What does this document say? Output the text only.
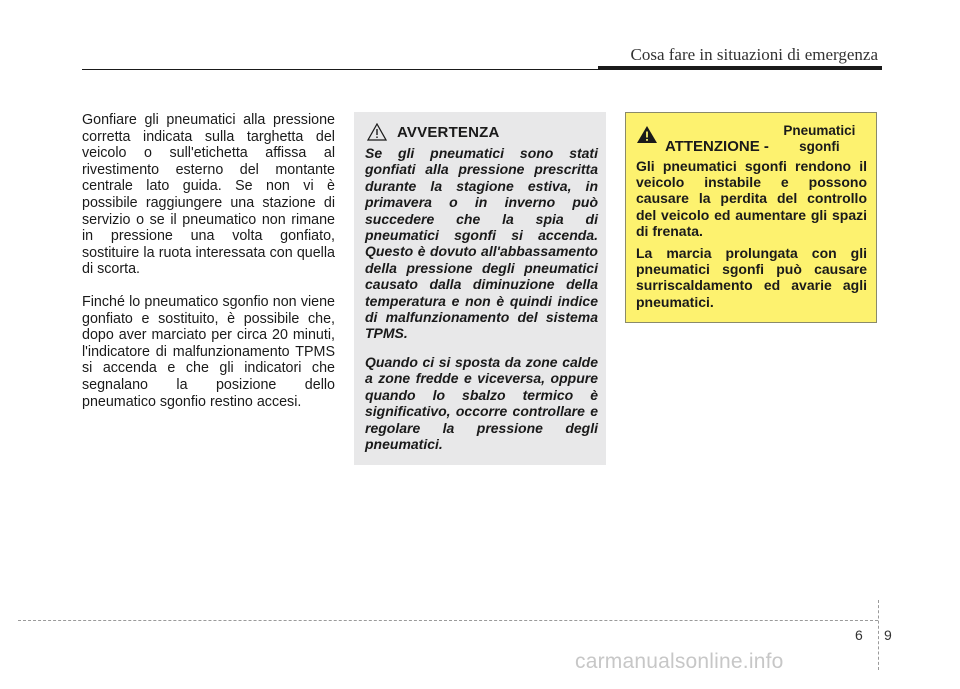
Cosa fare in situazioni di emergenza

Gonfiare gli pneumatici alla pressione corretta indicata sulla targhetta del veicolo o sull'etichetta affissa al rivestimento esterno del montante centrale lato guida. Se non vi è possibile raggiungere una stazione di servizio o se il pneumatico non rimane in pressione una volta gonfiato, sostituire la ruota interessata con quella di scorta.

Finché lo pneumatico sgonfio non viene gonfiato e sostituito, è possibile che, dopo aver marciato per circa 20 minuti, l'indicatore di malfunzionamento TPMS si accenda e che gli indicatori che segnalano la posizione dello pneumatico sgonfio restino accesi.

AVVERTENZA

Se gli pneumatici sono stati gonfiati alla pressione prescritta durante la stagione estiva, in primavera o in inverno può succedere che la spia di pneumatici sgonfi si accenda. Questo è dovuto all'abbassamento della pressione degli pneumatici causato dalla diminuzione della temperatura e non è quindi indice di malfunzionamento del sistema TPMS.

Quando ci si sposta da zone calde a zone fredde e viceversa, oppure quando lo sbalzo termico è significativo, occorre controllare e regolare la pressione degli pneumatici.

ATTENZIONE - Pneumatici sgonfi

Gli pneumatici sgonfi rendono il veicolo instabile e possono causare la perdita del controllo del veicolo ed aumentare gli spazi di frenata.

La marcia prolungata con gli pneumatici sgonfi può causare surriscaldamento ed avarie agli pneumatici.

6 9
carmanualsonline.info
